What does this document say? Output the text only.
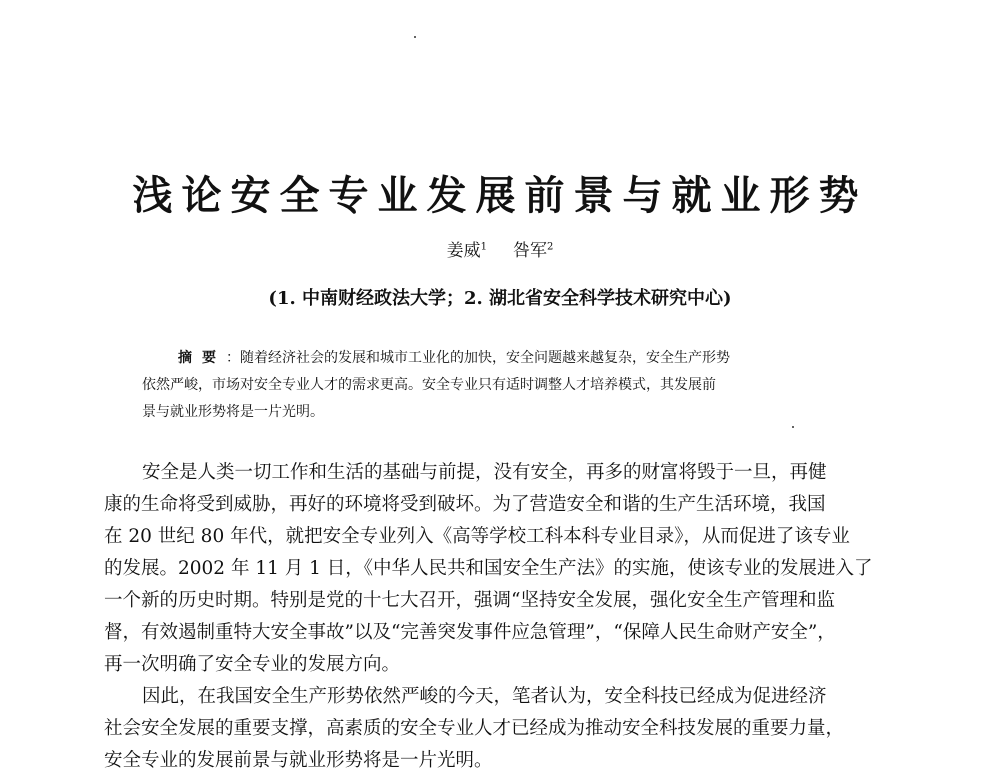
浅论安全专业发展前景与就业形势
姜威$^1$ 咎军$^2$
(1. 中南财经政法大学；2. 湖北省安全科学技术研究中心)
摘要：随着经济社会的发展和城市工业化的加快，安全问题越来越复杂，安全生产形势
依然严峻，市场对安全专业人才的需求更高。安全专业只有适时调整人才培养模式，其发展前
景与就业形势将是一片光明。
安全是人类一切工作和生活的基础与前提，没有安全，再多的财富将毁于一旦，再健
康的生命将受到威胁，再好的环境将受到破坏。为了营造安全和谐的生产生活环境，我国
在 20 世纪 80 年代，就把安全专业列入《高等学校工科本科专业目录》，从而促进了该专业
的发展。2002 年 11 月 1 日，《中华人民共和国安全生产法》的实施，使该专业的发展进入了
一个新的历史时期。特别是党的十七大召开，强调“坚持安全发展，强化安全生产管理和监
督，有效遏制重特大安全事故”以及“完善突发事件应急管理”，“保障人民生命财产安全”，
再一次明确了安全专业的发展方向。
因此，在我国安全生产形势依然严峻的今天，笔者认为，安全科技已经成为促进经济
社会安全发展的重要支撑，高素质的安全专业人才已经成为推动安全科技发展的重要力量，
安全专业的发展前景与就业形势将是一片光明。
